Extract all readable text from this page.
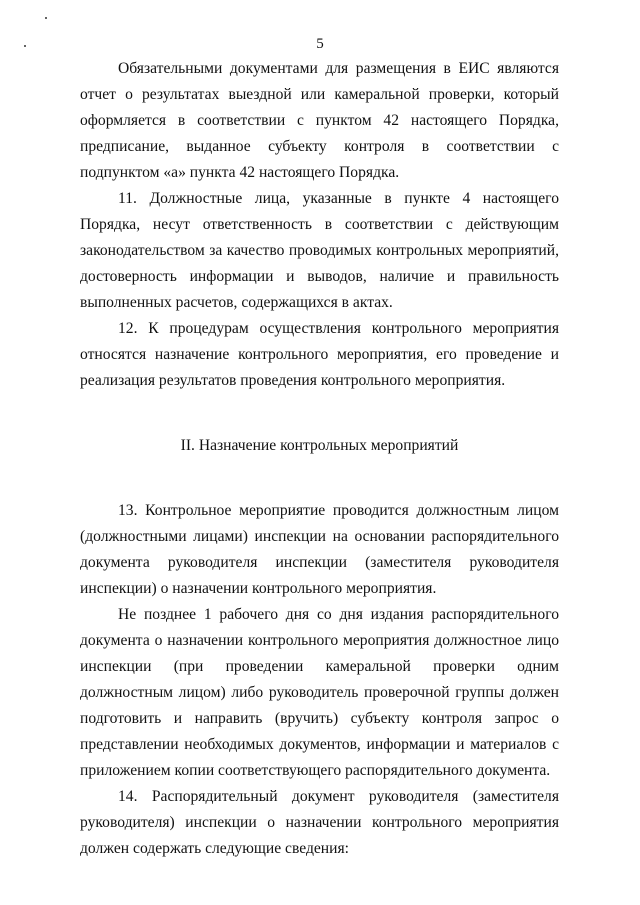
5

Обязательными документами для размещения в ЕИС являются отчет о результатах выездной или камеральной проверки, который оформляется в соответствии с пунктом 42 настоящего Порядка, предписание, выданное субъекту контроля в соответствии с подпунктом «а» пункта 42 настоящего Порядка.

11. Должностные лица, указанные в пункте 4 настоящего Порядка, несут ответственность в соответствии с действующим законодательством за качество проводимых контрольных мероприятий, достоверность информации и выводов, наличие и правильность выполненных расчетов, содержащихся в актах.

12. К процедурам осуществления контрольного мероприятия относятся назначение контрольного мероприятия, его проведение и реализация результатов проведения контрольного мероприятия.

II. Назначение контрольных мероприятий

13. Контрольное мероприятие проводится должностным лицом (должностными лицами) инспекции на основании распорядительного документа руководителя инспекции (заместителя руководителя инспекции) о назначении контрольного мероприятия.

Не позднее 1 рабочего дня со дня издания распорядительного документа о назначении контрольного мероприятия должностное лицо инспекции (при проведении камеральной проверки одним должностным лицом) либо руководитель проверочной группы должен подготовить и направить (вручить) субъекту контроля запрос о представлении необходимых документов, информации и материалов с приложением копии соответствующего распорядительного документа.

14. Распорядительный документ руководителя (заместителя руководителя) инспекции о назначении контрольного мероприятия должен содержать следующие сведения:
